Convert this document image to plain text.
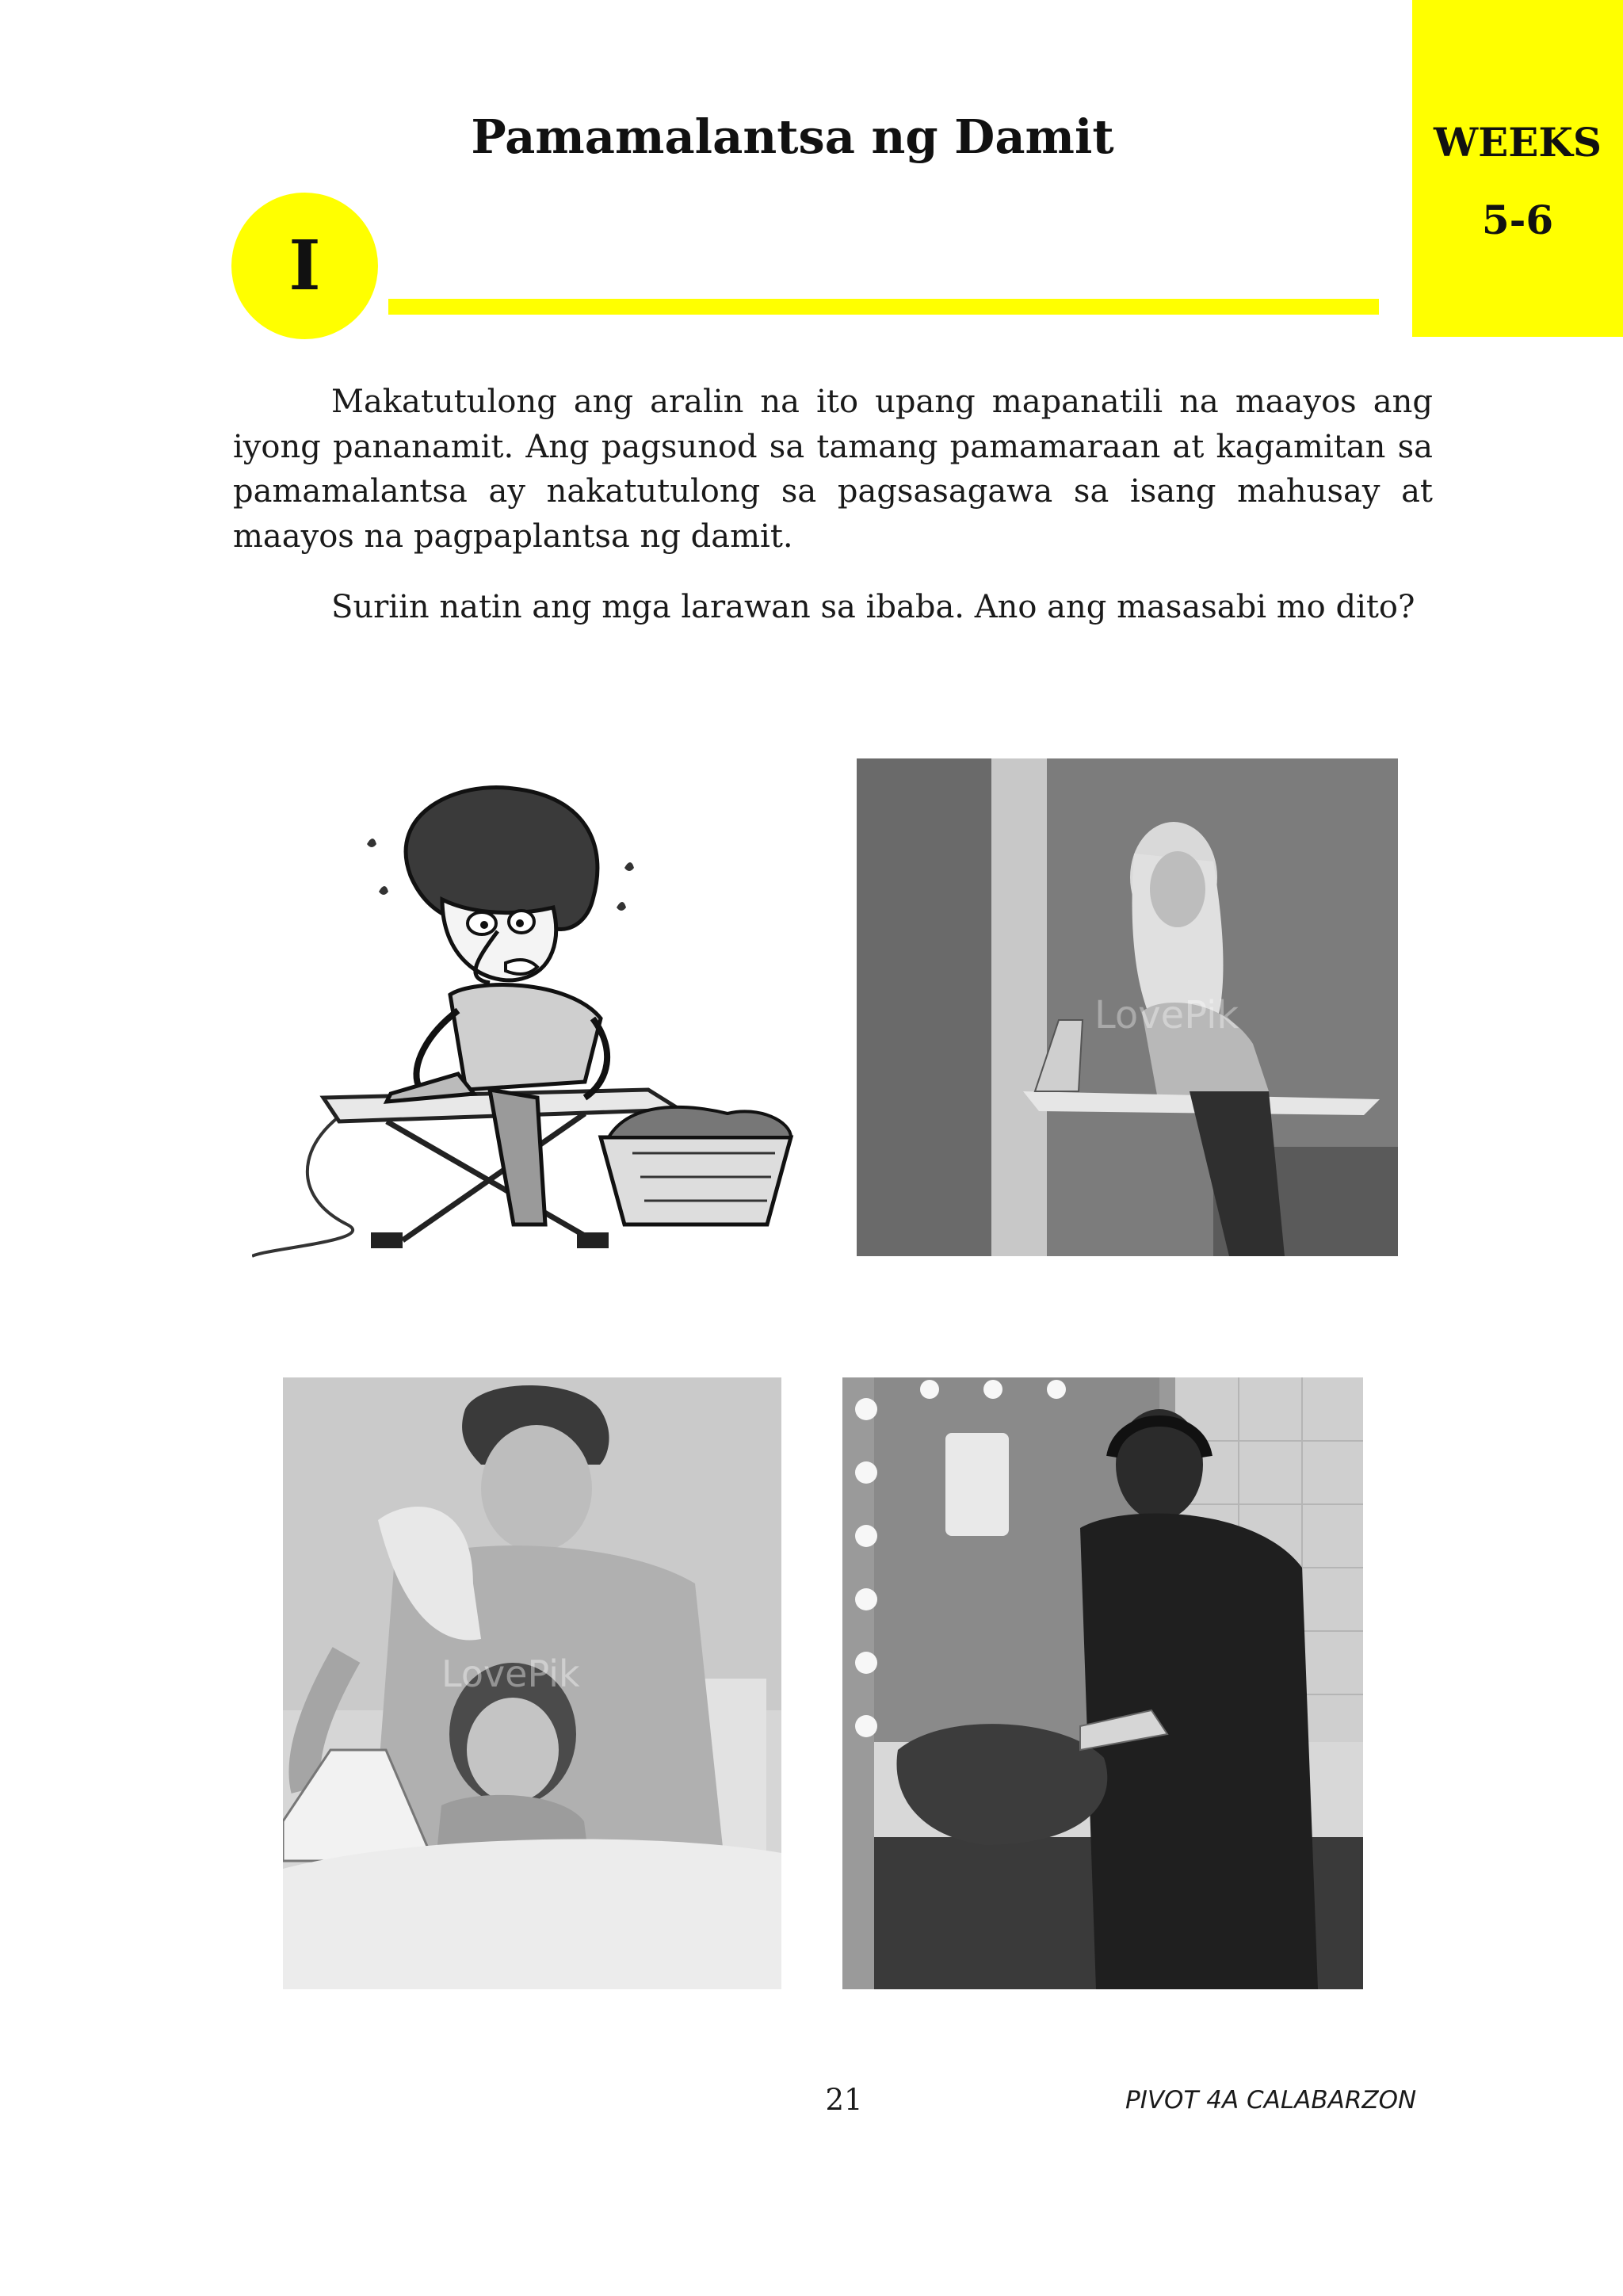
Pamamalantsa ng Damit	WEEKS
5-6
I

Makatutulong ang aralin na ito upang mapanatili na maayos ang iyong pananamit. Ang pagsunod sa tamang pamamaraan at kagamitan sa pamamalantsa ay nakatutulong sa pagsasagawa sa isang mahusay at maayos na pagpaplantsa ng damit.

Suriin natin ang mga larawan sa ibaba. Ano ang masasabi mo dito?

LovePik
LovePik
21	PIVOT 4A CALABARZON
